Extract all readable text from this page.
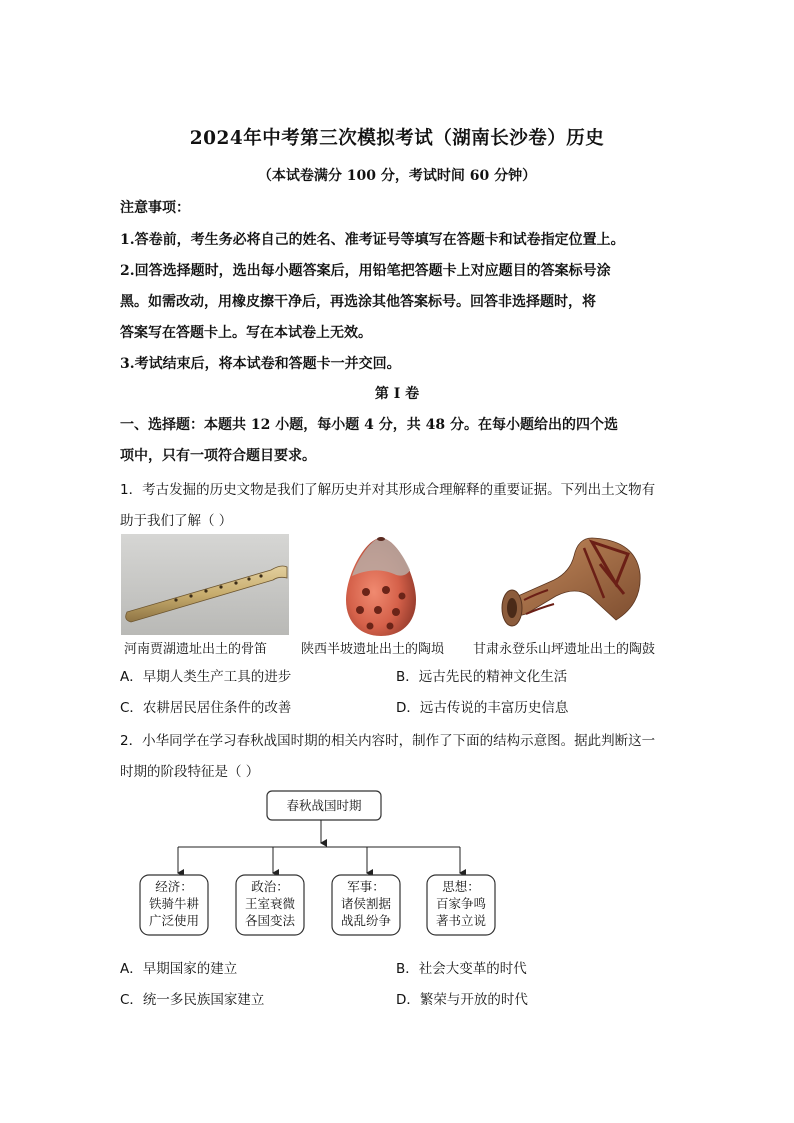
2024年中考第三次模拟考试（湖南长沙卷）历史
（本试卷满分 100 分，考试时间 60 分钟）
注意事项：
1.答卷前，考生务必将自己的姓名、准考证号等填写在答题卡和试卷指定位置上。
2.回答选择题时，选出每小题答案后，用铅笔把答题卡上对应题目的答案标号涂
黑。如需改动，用橡皮擦干净后，再选涂其他答案标号。回答非选择题时，将
答案写在答题卡上。写在本试卷上无效。
3.考试结束后，将本试卷和答题卡一并交回。
第 I 卷
一、选择题：本题共 12 小题，每小题 4 分，共 48 分。在每小题给出的四个选
项中，只有一项符合题目要求。
1．考古发掘的历史文物是我们了解历史并对其形成合理解释的重要证据。下列出土文物有
助于我们了解（ ）
河南贾湖遗址出土的骨笛	陕西半坡遗址出土的陶埙 甘肃永登乐山坪遗址出土的陶鼓
A．早期人类生产工具的进步	B．远古先民的精神文化生活
C．农耕居民居住条件的改善	D．远古传说的丰富历史信息
2．小华同学在学习春秋战国时期的相关内容时，制作了下面的结构示意图。据此判断这一
时期的阶段特征是（ ）
春秋战国时期
经济：
铁骑牛耕
广泛使用
政治：
王室衰微
各国变法
军事：
诸侯割据
战乱纷争
思想：
百家争鸣
著书立说
A．早期国家的建立	B．社会大变革的时代
C．统一多民族国家建立	D．繁荣与开放的时代
